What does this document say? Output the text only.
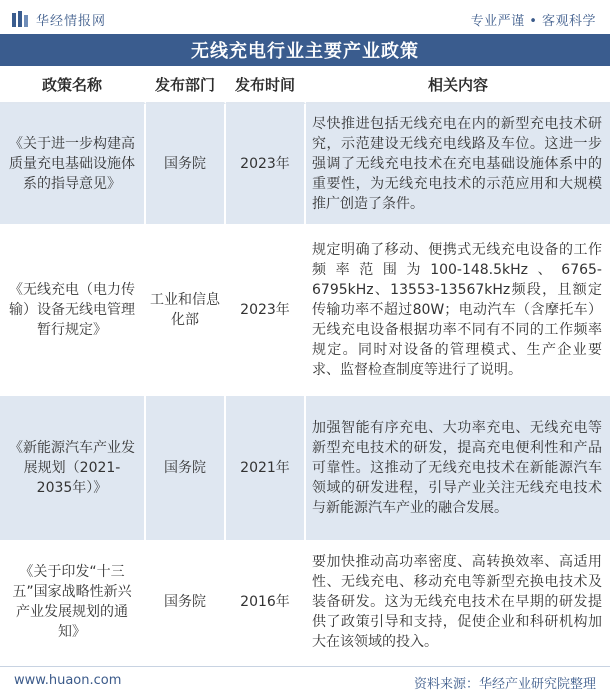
华经情报网	专业严谨 • 客观科学
无线充电行业主要产业政策
政策名称	发布部门	发布时间	相关内容
《关于进一步构建高质量充电基础设施体系的指导意见》	国务院	2023年	尽快推进包括无线充电在内的新型充电技术研究，示范建设无线充电线路及车位。这进一步强调了无线充电技术在充电基础设施体系中的重要性，为无线充电技术的示范应用和大规模推广创造了条件。
《无线充电（电力传输）设备无线电管理暂行规定》	工业和信息化部	2023年	规定明确了移动、便携式无线充电设备的工作频率范围为100-148.5kHz、6765-6795kHz、13553-13567kHz频段，且额定传输功率不超过80W；电动汽车（含摩托车）无线充电设备根据功率不同有不同的工作频率规定。同时对设备的管理模式、生产企业要求、监督检查制度等进行了说明。
《新能源汽车产业发展规划（2021-2035年）》	国务院	2021年	加强智能有序充电、大功率充电、无线充电等新型充电技术的研发，提高充电便利性和产品可靠性。这推动了无线充电技术在新能源汽车领域的研发进程，引导产业关注无线充电技术与新能源汽车产业的融合发展。
《关于印发“十三五”国家战略性新兴产业发展规划的通知》	国务院	2016年	要加快推动高功率密度、高转换效率、高适用性、无线充电、移动充电等新型充换电技术及装备研发。这为无线充电技术在早期的研发提供了政策引导和支持，促使企业和科研机构加大在该领域的投入。
www.huaon.com	资料来源：华经产业研究院整理
